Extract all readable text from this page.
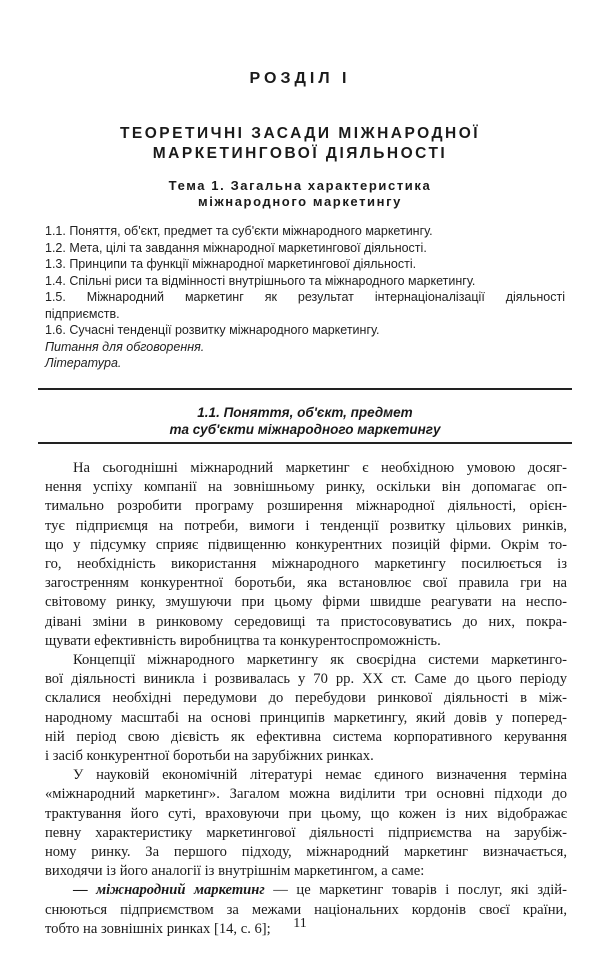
РОЗДІЛ І
ТЕОРЕТИЧНІ ЗАСАДИ МІЖНАРОДНОЇ
МАРКЕТИНГОВОЇ ДІЯЛЬНОСТІ
Тема 1. Загальна характеристика
міжнародного маркетингу
1.1. Поняття, об'єкт, предмет та суб'єкти міжнародного маркетингу.
1.2. Мета, цілі та завдання міжнародної маркетингової діяльності.
1.3. Принципи та функції міжнародної маркетингової діяльності.
1.4. Спільні риси та відмінності внутрішнього та міжнародного маркетингу.
1.5. Міжнародний маркетинг як результат інтернаціоналізації діяльності
підприємств.
1.6. Сучасні тенденції розвитку міжнародного маркетингу.
Питання для обговорення.
Література.
1.1. Поняття, об'єкт, предмет
та суб'єкти міжнародного маркетингу
На сьогоднішні міжнародний маркетинг є необхідною умовою досяг-
нення успіху компанії на зовнішньому ринку, оскільки він допомагає оп-
тимально розробити програму розширення міжнародної діяльності, орієн-
тує підприємця на потреби, вимоги і тенденції розвитку цільових ринків,
що у підсумку сприяє підвищенню конкурентних позицій фірми. Окрім то-
го, необхідність використання міжнародного маркетингу посилюється із
загостренням конкурентної боротьби, яка встановлює свої правила гри на
світовому ринку, змушуючи при цьому фірми швидше реагувати на неспо-
дівані зміни в ринковому середовищі та пристосовуватись до них, покра-
щувати ефективність виробництва та конкурентоспроможність.
Концепції міжнародного маркетингу як своєрідна системи маркетинго-
вої діяльності виникла і розвивалась у 70 рр. XX ст. Саме до цього періоду
склалися необхідні передумови до перебудови ринкової діяльності в між-
народному масштабі на основі принципів маркетингу, який довів у поперед-
ній період свою дієвість як ефективна система корпоративного керування
і засіб конкурентної боротьби на зарубіжних ринках.
У науковій економічній літературі немає єдиного визначення терміна
«міжнародний маркетинг». Загалом можна виділити три основні підходи до
трактування його суті, враховуючи при цьому, що кожен із них відображає
певну характеристику маркетингової діяльності підприємства на зарубіж-
ному ринку. За першого підходу, міжнародний маркетинг визначається,
виходячи із його аналогії із внутрішнім маркетингом, а саме:
— міжнародний маркетинг — це маркетинг товарів і послуг, які здій-
снюються підприємством за межами національних кордонів своєї країни,
тобто на зовнішніх ринках [14, с. 6];	11
